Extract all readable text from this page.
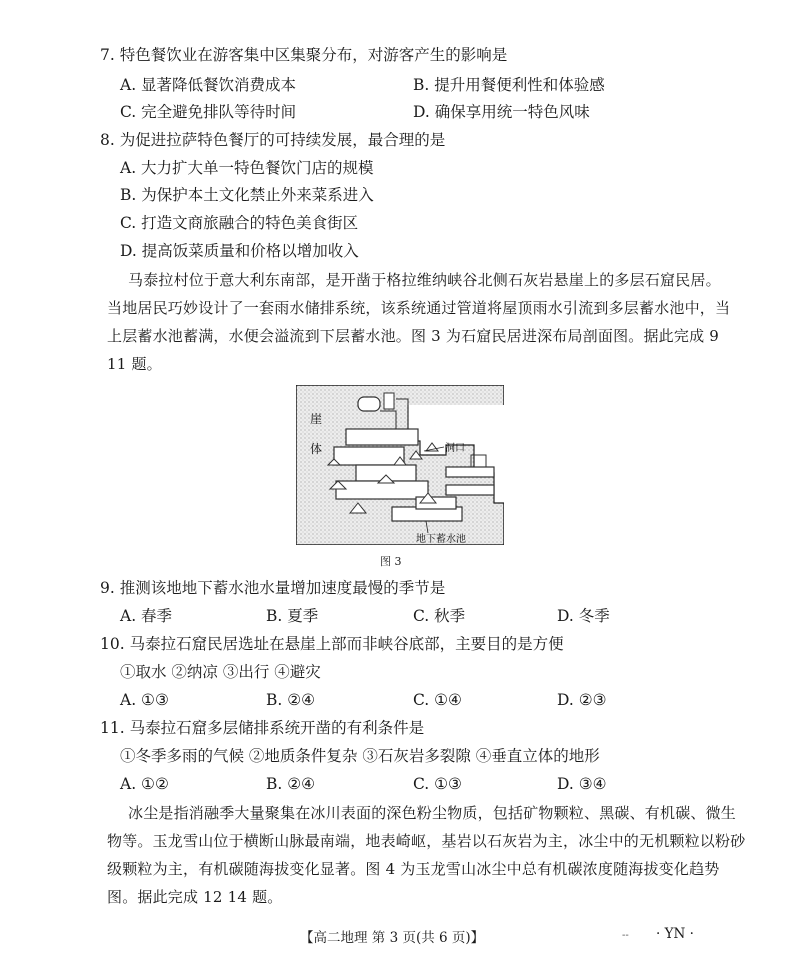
7. 特色餐饮业在游客集中区集聚分布，对游客产生的影响是
A. 显著降低餐饮消费成本	B. 提升用餐便利性和体验感
C. 完全避免排队等待时间	D. 确保享用统一特色风味
8. 为促进拉萨特色餐厅的可持续发展，最合理的是
A. 大力扩大单一特色餐饮门店的规模
B. 为保护本土文化禁止外来菜系进入
C. 打造文商旅融合的特色美食街区
D. 提高饭菜质量和价格以增加收入
马泰拉村位于意大利东南部，是开凿于格拉维纳峡谷北侧石灰岩悬崖上的多层石窟民居。
当地居民巧妙设计了一套雨水储排系统，该系统通过管道将屋顶雨水引流到多层蓄水池中，当
上层蓄水池蓄满，水便会溢流到下层蓄水池。图 3 为石窟民居进深布局剖面图。据此完成 9
11 题。
崖
体	洞口
地下蓄水池
图 3
9. 推测该地地下蓄水池水量增加速度最慢的季节是
A. 春季	B. 夏季	C. 秋季	D. 冬季
10. 马泰拉石窟民居选址在悬崖上部而非峡谷底部，主要目的是方便
①取水 ②纳凉 ③出行 ④避灾
A. ①③	B. ②④	C. ①④	D. ②③
11. 马泰拉石窟多层储排系统开凿的有利条件是
①冬季多雨的气候 ②地质条件复杂 ③石灰岩多裂隙 ④垂直立体的地形
A. ①②	B. ②④	C. ①③	D. ③④
冰尘是指消融季大量聚集在冰川表面的深色粉尘物质，包括矿物颗粒、黑碳、有机碳、微生
物等。玉龙雪山位于横断山脉最南端，地表崎岖，基岩以石灰岩为主，冰尘中的无机颗粒以粉砂
级颗粒为主，有机碳随海拔变化显著。图 4 为玉龙雪山冰尘中总有机碳浓度随海拔变化趋势
图。据此完成 12 14 题。
【高二地理 第 3 页(共 6 页)】	-- · YN ·
